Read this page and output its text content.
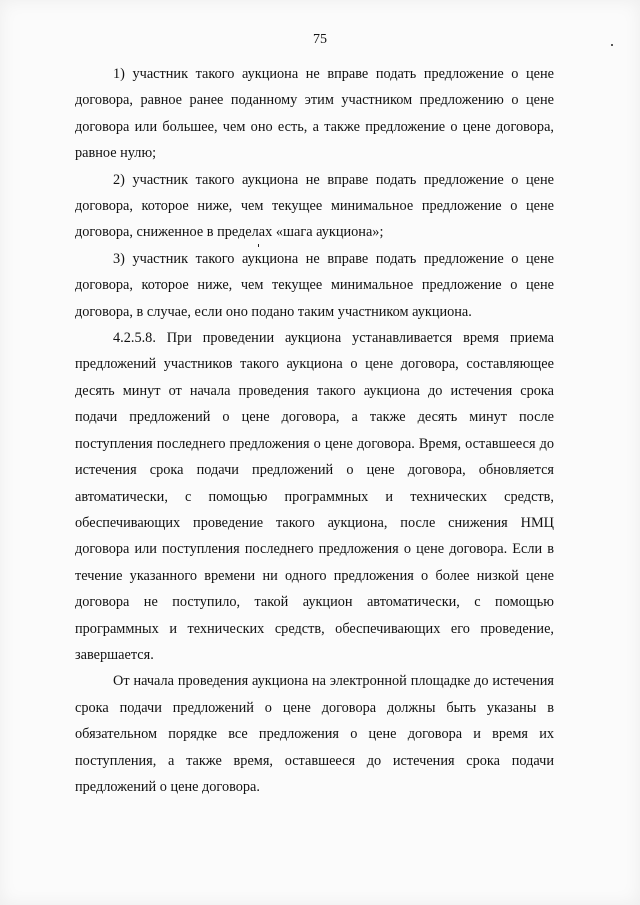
75

1) участник такого аукциона не вправе подать предложение о цене договора, равное ранее поданному этим участником предложению о цене договора или большее, чем оно есть, а также предложение о цене договора, равное нулю;

2) участник такого аукциона не вправе подать предложение о цене договора, которое ниже, чем текущее минимальное предложение о цене договора, сниженное в пределах «шага аукциона»;

3) участник такого аукциона не вправе подать предложение о цене договора, которое ниже, чем текущее минимальное предложение о цене договора, в случае, если оно подано таким участником аукциона.

4.2.5.8. При проведении аукциона устанавливается время приема предложений участников такого аукциона о цене договора, составляющее десять минут от начала проведения такого аукциона до истечения срока подачи предложений о цене договора, а также десять минут после поступления последнего предложения о цене договора. Время, оставшееся до истечения срока подачи предложений о цене договора, обновляется автоматически, с помощью программных и технических средств, обеспечивающих проведение такого аукциона, после снижения НМЦ договора или поступления последнего предложения о цене договора. Если в течение указанного времени ни одного предложения о более низкой цене договора не поступило, такой аукцион автоматически, с помощью программных и технических средств, обеспечивающих его проведение, завершается.

От начала проведения аукциона на электронной площадке до истечения срока подачи предложений о цене договора должны быть указаны в обязательном порядке все предложения о цене договора и время их поступления, а также время, оставшееся до истечения срока подачи предложений о цене договора.
